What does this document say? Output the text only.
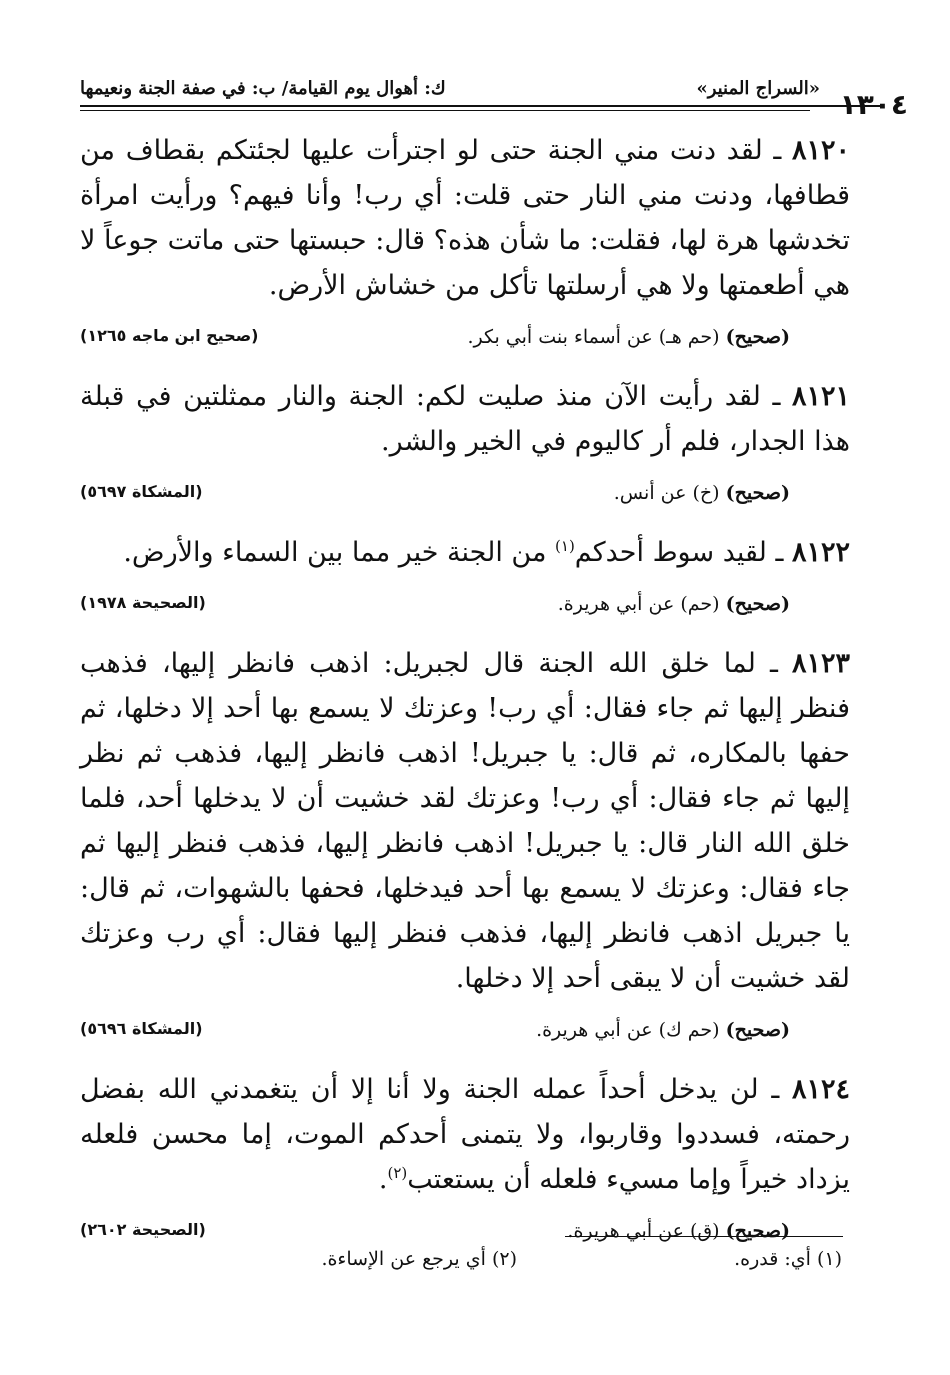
١٣٠٤
«السراج المنير»
ك: أهوال يوم القيامة/ ب: في صفة الجنة ونعيمها

٨١٢٠ ـ لقد دنت مني الجنة حتى لو اجترأت عليها لجئتكم بقطاف من قطافها، ودنت مني النار حتى قلت: أي رب! وأنا فيهم؟ ورأيت امرأة تخدشها هرة لها، فقلت: ما شأن هذه؟ قال: حبستها حتى ماتت جوعاً لا هي أطعمتها ولا هي أرسلتها تأكل من خشاش الأرض.

(صحيح) (حم هـ) عن أسماء بنت أبي بكر.
(صحيح ابن ماجه ١٢٦٥)

٨١٢١ ـ لقد رأيت الآن منذ صليت لكم: الجنة والنار ممثلتين في قبلة هذا الجدار، فلم أر كاليوم في الخير والشر.

(صحيح) (خ) عن أنس.
(المشكاة ٥٦٩٧)

٨١٢٢ ـ لقيد سوط أحدكم$^{(١)}$ من الجنة خير مما بين السماء والأرض.

(صحيح) (حم) عن أبي هريرة.
(الصحيحة ١٩٧٨)

٨١٢٣ ـ لما خلق الله الجنة قال لجبريل: اذهب فانظر إليها، فذهب فنظر إليها ثم جاء فقال: أي رب! وعزتك لا يسمع بها أحد إلا دخلها، ثم حفها بالمكاره، ثم قال: يا جبريل! اذهب فانظر إليها، فذهب ثم نظر إليها ثم جاء فقال: أي رب! وعزتك لقد خشيت أن لا يدخلها أحد، فلما خلق الله النار قال: يا جبريل! اذهب فانظر إليها، فذهب فنظر إليها ثم جاء فقال: وعزتك لا يسمع بها أحد فيدخلها، فحفها بالشهوات، ثم قال: يا جبريل اذهب فانظر إليها، فذهب فنظر إليها فقال: أي رب وعزتك لقد خشيت أن لا يبقى أحد إلا دخلها.

(صحيح) (حم ك) عن أبي هريرة.
(المشكاة ٥٦٩٦)

٨١٢٤ ـ لن يدخل أحداً عمله الجنة ولا أنا إلا أن يتغمدني الله بفضل رحمته، فسددوا وقاربوا، ولا يتمنى أحدكم الموت، إما محسن فلعله يزداد خيراً وإما مسيء فلعله أن يستعتب$^{(٢)}$.

(صحيح) (ق) عن أبي هريرة.
(الصحيحة ٢٦٠٢)
(١) أي: قدره.
(٢) أي يرجع عن الإساءة.
